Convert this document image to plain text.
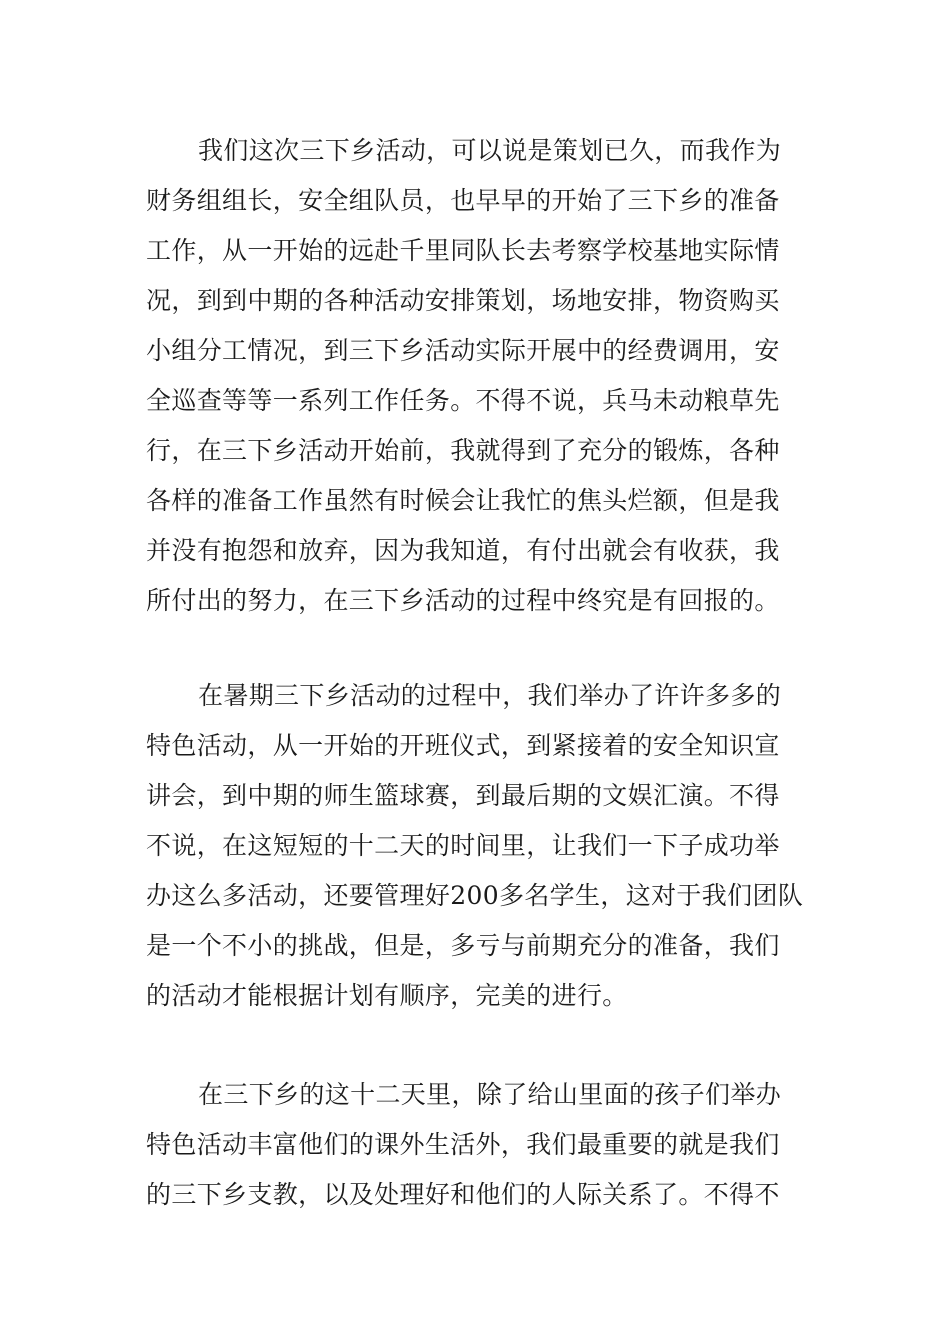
我们这次三下乡活动，可以说是策划已久，而我作为
财务组组长，安全组队员，也早早的开始了三下乡的准备
工作，从一开始的远赴千里同队长去考察学校基地实际情
况，到到中期的各种活动安排策划，场地安排，物资购买
小组分工情况，到三下乡活动实际开展中的经费调用，安
全巡查等等一系列工作任务。不得不说，兵马未动粮草先
行，在三下乡活动开始前，我就得到了充分的锻炼，各种
各样的准备工作虽然有时候会让我忙的焦头烂额，但是我
并没有抱怨和放弃，因为我知道，有付出就会有收获，我
所付出的努力，在三下乡活动的过程中终究是有回报的。
在暑期三下乡活动的过程中，我们举办了许许多多的
特色活动，从一开始的开班仪式，到紧接着的安全知识宣
讲会，到中期的师生篮球赛，到最后期的文娱汇演。不得
不说，在这短短的十二天的时间里，让我们一下子成功举
办这么多活动，还要管理好200多名学生，这对于我们团队
是一个不小的挑战，但是，多亏与前期充分的准备，我们
的活动才能根据计划有顺序，完美的进行。
在三下乡的这十二天里，除了给山里面的孩子们举办
特色活动丰富他们的课外生活外，我们最重要的就是我们
的三下乡支教，以及处理好和他们的人际关系了。不得不
